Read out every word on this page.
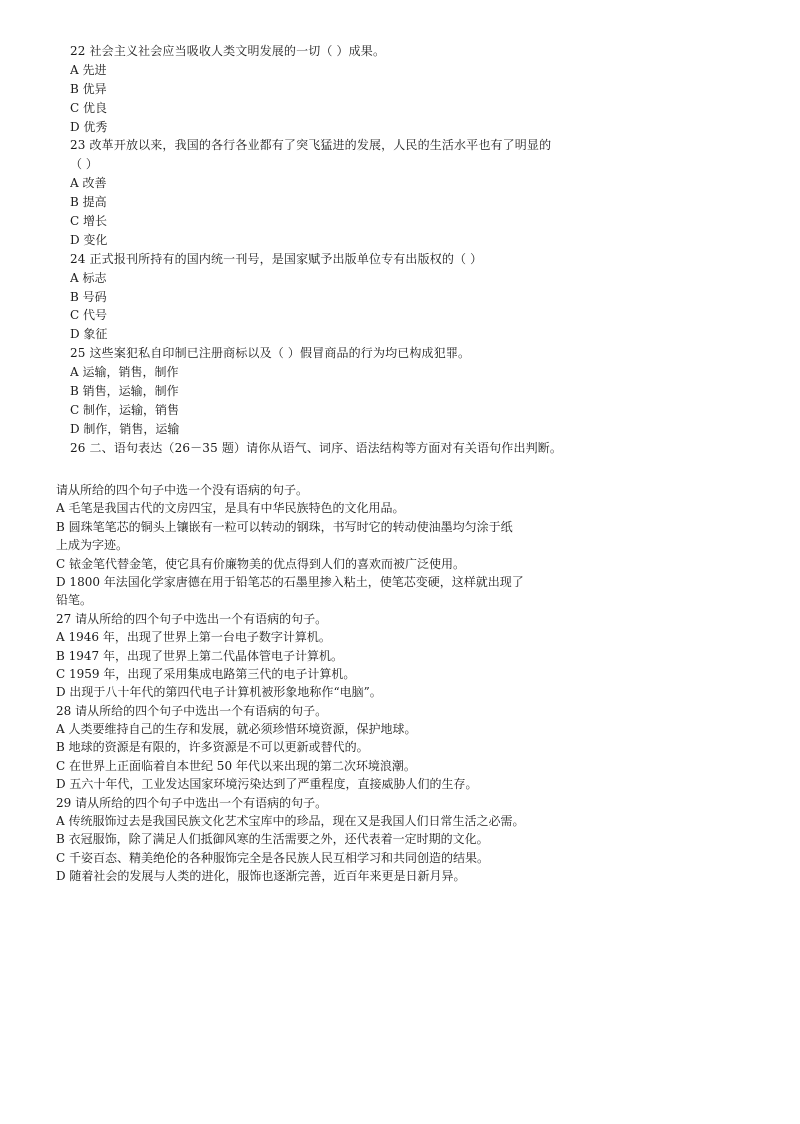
22 社会主义社会应当吸收人类文明发展的一切（ ）成果。
A 先进
B 优异
C 优良
D 优秀
23 改革开放以来，我国的各行各业都有了突飞猛进的发展，人民的生活水平也有了明显的
（ ）
A 改善
B 提高
C 增长
D 变化
24 正式报刊所持有的国内统一刊号，是国家赋予出版单位专有出版权的（ ）
A 标志
B 号码
C 代号
D 象征
25 这些案犯私自印制已注册商标以及（ ）假冒商品的行为均已构成犯罪。
A 运输，销售，制作
B 销售，运输，制作
C 制作，运输，销售
D 制作，销售，运输
26 二、语句表达（26－35 题）请你从语气、词序、语法结构等方面对有关语句作出判断。
请从所给的四个句子中选一个没有语病的句子。
A 毛笔是我国古代的文房四宝，是具有中华民族特色的文化用品。
B 圆珠笔笔芯的铜头上镶嵌有一粒可以转动的钢珠，书写时它的转动使油墨均匀涂于纸
上成为字迹。
C 铱金笔代替金笔，使它具有价廉物美的优点得到人们的喜欢而被广泛使用。
D 1800 年法国化学家唐德在用于铅笔芯的石墨里掺入粘土，使笔芯变硬，这样就出现了
铅笔。
27 请从所给的四个句子中选出一个有语病的句子。
A 1946 年，出现了世界上第一台电子数字计算机。
B 1947 年，出现了世界上第二代晶体管电子计算机。
C 1959 年，出现了采用集成电路第三代的电子计算机。
D 出现于八十年代的第四代电子计算机被形象地称作“电脑”。
28 请从所给的四个句子中选出一个有语病的句子。
A 人类要维持自己的生存和发展，就必须珍惜环境资源，保护地球。
B 地球的资源是有限的，许多资源是不可以更新或替代的。
C 在世界上正面临着自本世纪 50 年代以来出现的第二次环境浪潮。
D 五六十年代，工业发达国家环境污染达到了严重程度，直接威胁人们的生存。
29 请从所给的四个句子中选出一个有语病的句子。
A 传统服饰过去是我国民族文化艺术宝库中的珍品，现在又是我国人们日常生活之必需。
B 衣冠服饰，除了满足人们抵御风寒的生活需要之外，还代表着一定时期的文化。
C 千姿百态、精美绝伦的各种服饰完全是各民族人民互相学习和共同创造的结果。
D 随着社会的发展与人类的进化，服饰也逐渐完善，近百年来更是日新月异。
